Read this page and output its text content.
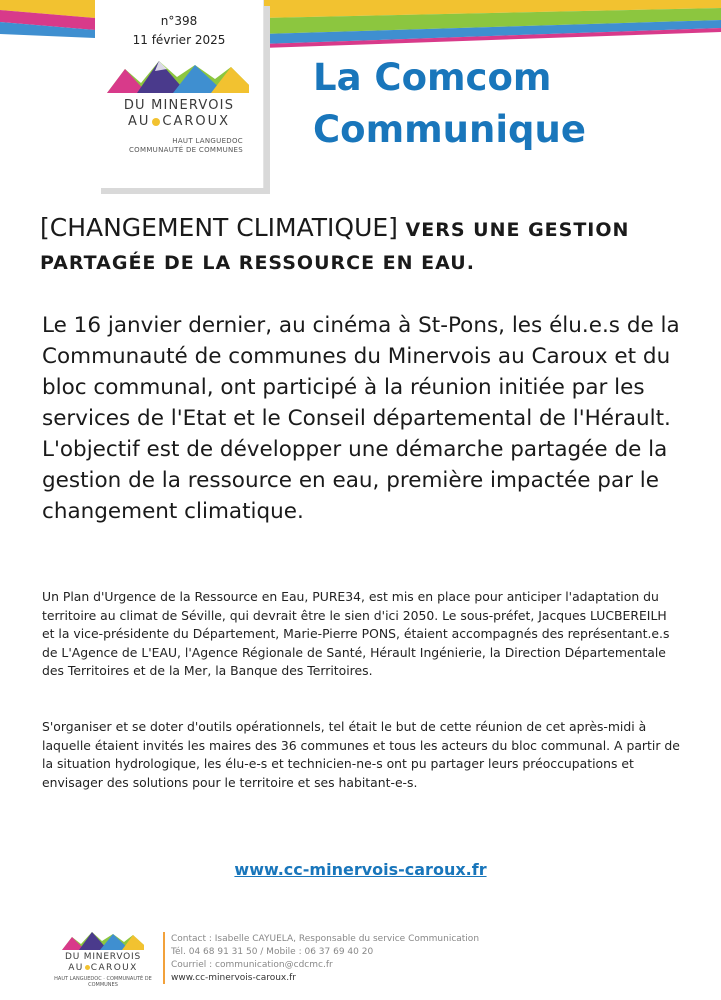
n°398
11 février 2025
DU MINERVOIS
AU CAROUX
HAUT LANGUEDOC
COMMUNAUTÉ DE COMMUNES
La Comcom
Communique
[CHANGEMENT CLIMATIQUE] VERS UNE GESTION PARTAGÉE DE LA RESSOURCE EN EAU.
Le 16 janvier dernier, au cinéma à St-Pons, les élu.e.s de la Communauté de communes du Minervois au Caroux et du bloc communal, ont participé à la réunion initiée par les services de l'Etat et le Conseil départemental de l'Hérault. L'objectif est de développer une démarche partagée de la gestion de la ressource en eau, première impactée par le changement climatique.
Un Plan d'Urgence de la Ressource en Eau, PURE34, est mis en place pour anticiper l'adaptation du territoire au climat de Séville, qui devrait être le sien d'ici 2050. Le sous-préfet, Jacques LUCBEREILH et la vice-présidente du Département, Marie-Pierre PONS, étaient accompagnés des représentant.e.s de L'Agence de L'EAU, l'Agence Régionale de Santé, Hérault Ingénierie, la Direction Départementale des Territoires et de la Mer, la Banque des Territoires.
S'organiser et se doter d'outils opérationnels, tel était le but de cette réunion de cet après-midi à laquelle étaient invités les maires des 36 communes et tous les acteurs du bloc communal. A partir de la situation hydrologique, les élu-e-s et technicien-ne-s ont pu partager leurs préoccupations et envisager des solutions pour le territoire et ses habitant-e-s.
www.cc-minervois-caroux.fr
DU MINERVOIS
AU CAROUX
HAUT LANGUEDOC · COMMUNAUTÉ DE COMMUNES
Contact : Isabelle CAYUELA, Responsable du service Communication
Tél. 04 68 91 31 50 / Mobile : 06 37 69 40 20
Courriel : communication@cdcmc.fr
www.cc-minervois-caroux.fr
